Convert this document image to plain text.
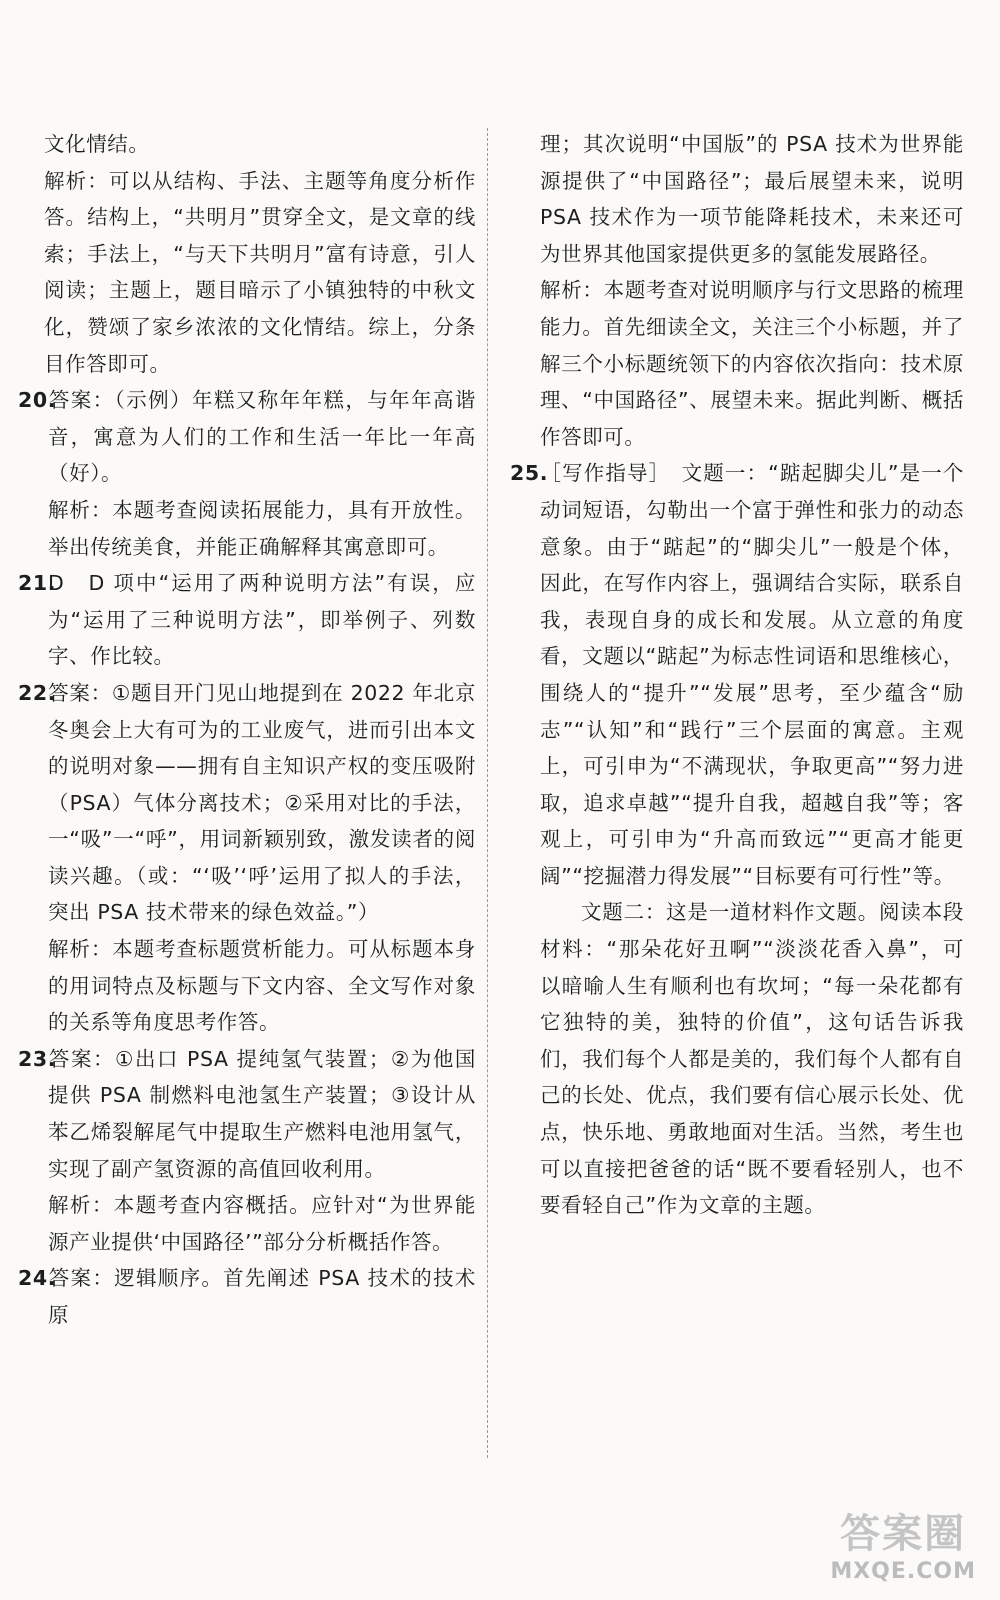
文化情结。
解析：可以从结构、手法、主题等角度分析作答。结构上，“共明月”贯穿全文，是文章的线索；手法上，“与天下共明月”富有诗意，引人阅读；主题上，题目暗示了小镇独特的中秋文化，赞颂了家乡浓浓的文化情结。综上，分条目作答即可。
20.答案：（示例）年糕又称年年糕，与年年高谐音，寓意为人们的工作和生活一年比一年高（好）。
解析：本题考查阅读拓展能力，具有开放性。举出传统美食，并能正确解释其寓意即可。
21.D　D 项中“运用了两种说明方法”有误，应为“运用了三种说明方法”，即举例子、列数字、作比较。
22.答案：①题目开门见山地提到在 2022 年北京冬奥会上大有可为的工业废气，进而引出本文的说明对象——拥有自主知识产权的变压吸附（PSA）气体分离技术；②采用对比的手法，一“吸”一“呼”，用词新颖别致，激发读者的阅读兴趣。（或：“‘吸’‘呼’运用了拟人的手法，突出 PSA 技术带来的绿色效益。”）
解析：本题考查标题赏析能力。可从标题本身的用词特点及标题与下文内容、全文写作对象的关系等角度思考作答。
23.答案：①出口 PSA 提纯氢气装置；②为他国提供 PSA 制燃料电池氢生产装置；③设计从苯乙烯裂解尾气中提取生产燃料电池用氢气，实现了副产氢资源的高值回收利用。
解析：本题考查内容概括。应针对“为世界能源产业提供‘中国路径’”部分分析概括作答。
24.答案：逻辑顺序。首先阐述 PSA 技术的技术原
理；其次说明“中国版”的 PSA 技术为世界能源提供了“中国路径”；最后展望未来，说明 PSA 技术作为一项节能降耗技术，未来还可为世界其他国家提供更多的氢能发展路径。
解析：本题考查对说明顺序与行文思路的梳理能力。首先细读全文，关注三个小标题，并了解三个小标题统领下的内容依次指向：技术原理、“中国路径”、展望未来。据此判断、概括作答即可。
25.［写作指导］　文题一：“踮起脚尖儿”是一个动词短语，勾勒出一个富于弹性和张力的动态意象。由于“踮起”的“脚尖儿”一般是个体，因此，在写作内容上，强调结合实际，联系自我，表现自身的成长和发展。从立意的角度看，文题以“踮起”为标志性词语和思维核心，围绕人的“提升”“发展”思考，至少蕴含“励志”“认知”和“践行”三个层面的寓意。主观上，可引申为“不满现状，争取更高”“努力进取，追求卓越”“提升自我，超越自我”等；客观上，可引申为“升高而致远”“更高才能更阔”“挖掘潜力得发展”“目标要有可行性”等。
文题二：这是一道材料作文题。阅读本段材料：“那朵花好丑啊”“淡淡花香入鼻”，可以暗喻人生有顺利也有坎坷；“每一朵花都有它独特的美，独特的价值”，这句话告诉我们，我们每个人都是美的，我们每个人都有自己的长处、优点，我们要有信心展示长处、优点，快乐地、勇敢地面对生活。当然，考生也可以直接把爸爸的话“既不要看轻别人，也不要看轻自己”作为文章的主题。
答案圈
MXQE.COM
